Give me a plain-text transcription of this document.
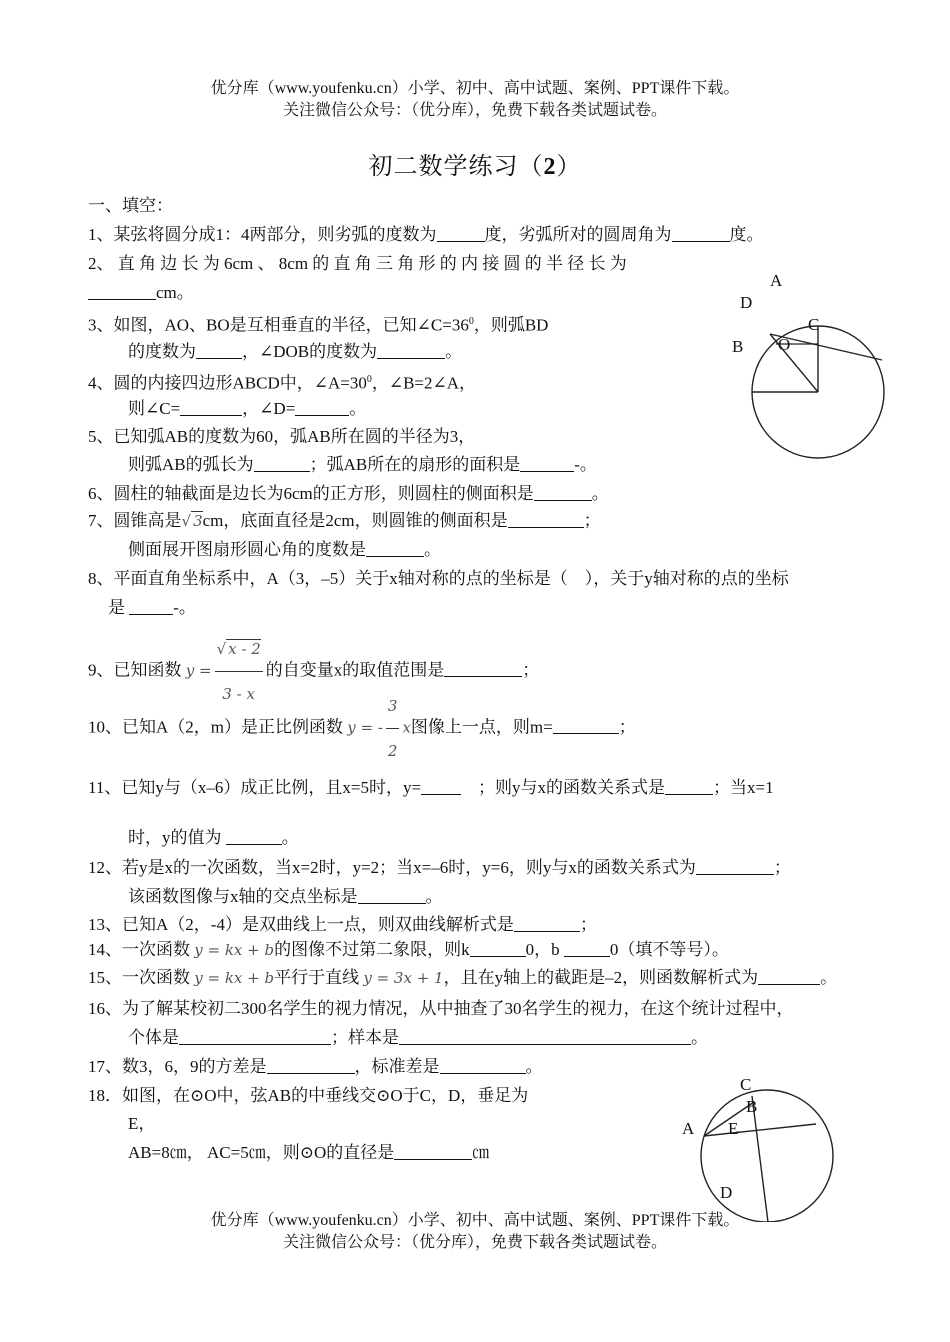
优分库（www.youfenku.cn）小学、初中、高中试题、案例、PPT课件下载。
关注微信公众号：（优分库），免费下载各类试题试卷。
初二数学练习（2）
一、填空：
1、某弦将圆分成1：4两部分，则劣弧的度数为	度，劣弧所对的圆周角为	度。
2、 直 角 边 长 为 6cm 、 8cm 的 直 角 三 角 形 的 内 接 圆 的 半 径 长 为
cm。
3、如图，AO、BO是互相垂直的半径，已知$\angle C=36^0$，则弧BD
的度数为	，∠DOB的度数为	。
4、圆的内接四边形ABCD中，$\angle A=30^0$，∠B=2∠A，
则∠C=	，∠D=	。
5、已知弧AB的度数为60，弧AB所在圆的半径为3，
则弧AB的弧长为	；弧AB所在的扇形的面积是	-。
6、圆柱的轴截面是边长为6cm的正方形，则圆柱的侧面积是	。
7、圆锥高是√ 3cm，底面直径是2cm，则圆锥的侧面积是	；
侧面展开图扇形圆心角的度数是	。
8、平面直角坐标系中，A（3，–5）关于x轴对称的点的坐标是（　），关于y轴对称的点的坐标
是	-。
9、已知函数 $y = \frac{√ x - 2}{3 - x}$ 的自变量x的取值范围是	；
10、已知A（2，m）是正比例函数 y = - $\frac{3}{2}$ x图像上一点，则m=	；
11、已知y与（x–6）成正比例，且x=5时，y=　	；则y与x的函数关系式是	；当x=1
时，y的值为	。
12、若y是x的一次函数，当x=2时，y=2；当x=–6时，y=6，则y与x的函数关系式为	；
该函数图像与x轴的交点坐标是	。
13、已知A（2，-4）是双曲线上一点，则双曲线解析式是	；
14、一次函数 y = kx + b的图像不过第二象限，则k	0，b	0（填不等号）。
15、一次函数 y = kx + b平行于直线 y = 3x + 1，且在y轴上的截距是–2，则函数解析式为	。
16、为了解某校初二300名学生的视力情况，从中抽查了30名学生的视力，在这个统计过程中，
个体是	；样本是	。
17、数3，6，9的方差是	，标准差是	。
18．如图，在⊙O中，弦AB的中垂线交⊙O于C，D，垂足为
E，
AB=8㎝， AC=5㎝，则⊙O的直径是	㎝
A
D
C
B O
C
B
A E
D
优分库（www.youfenku.cn）小学、初中、高中试题、案例、PPT课件下载。
关注微信公众号：（优分库），免费下载各类试题试卷。
